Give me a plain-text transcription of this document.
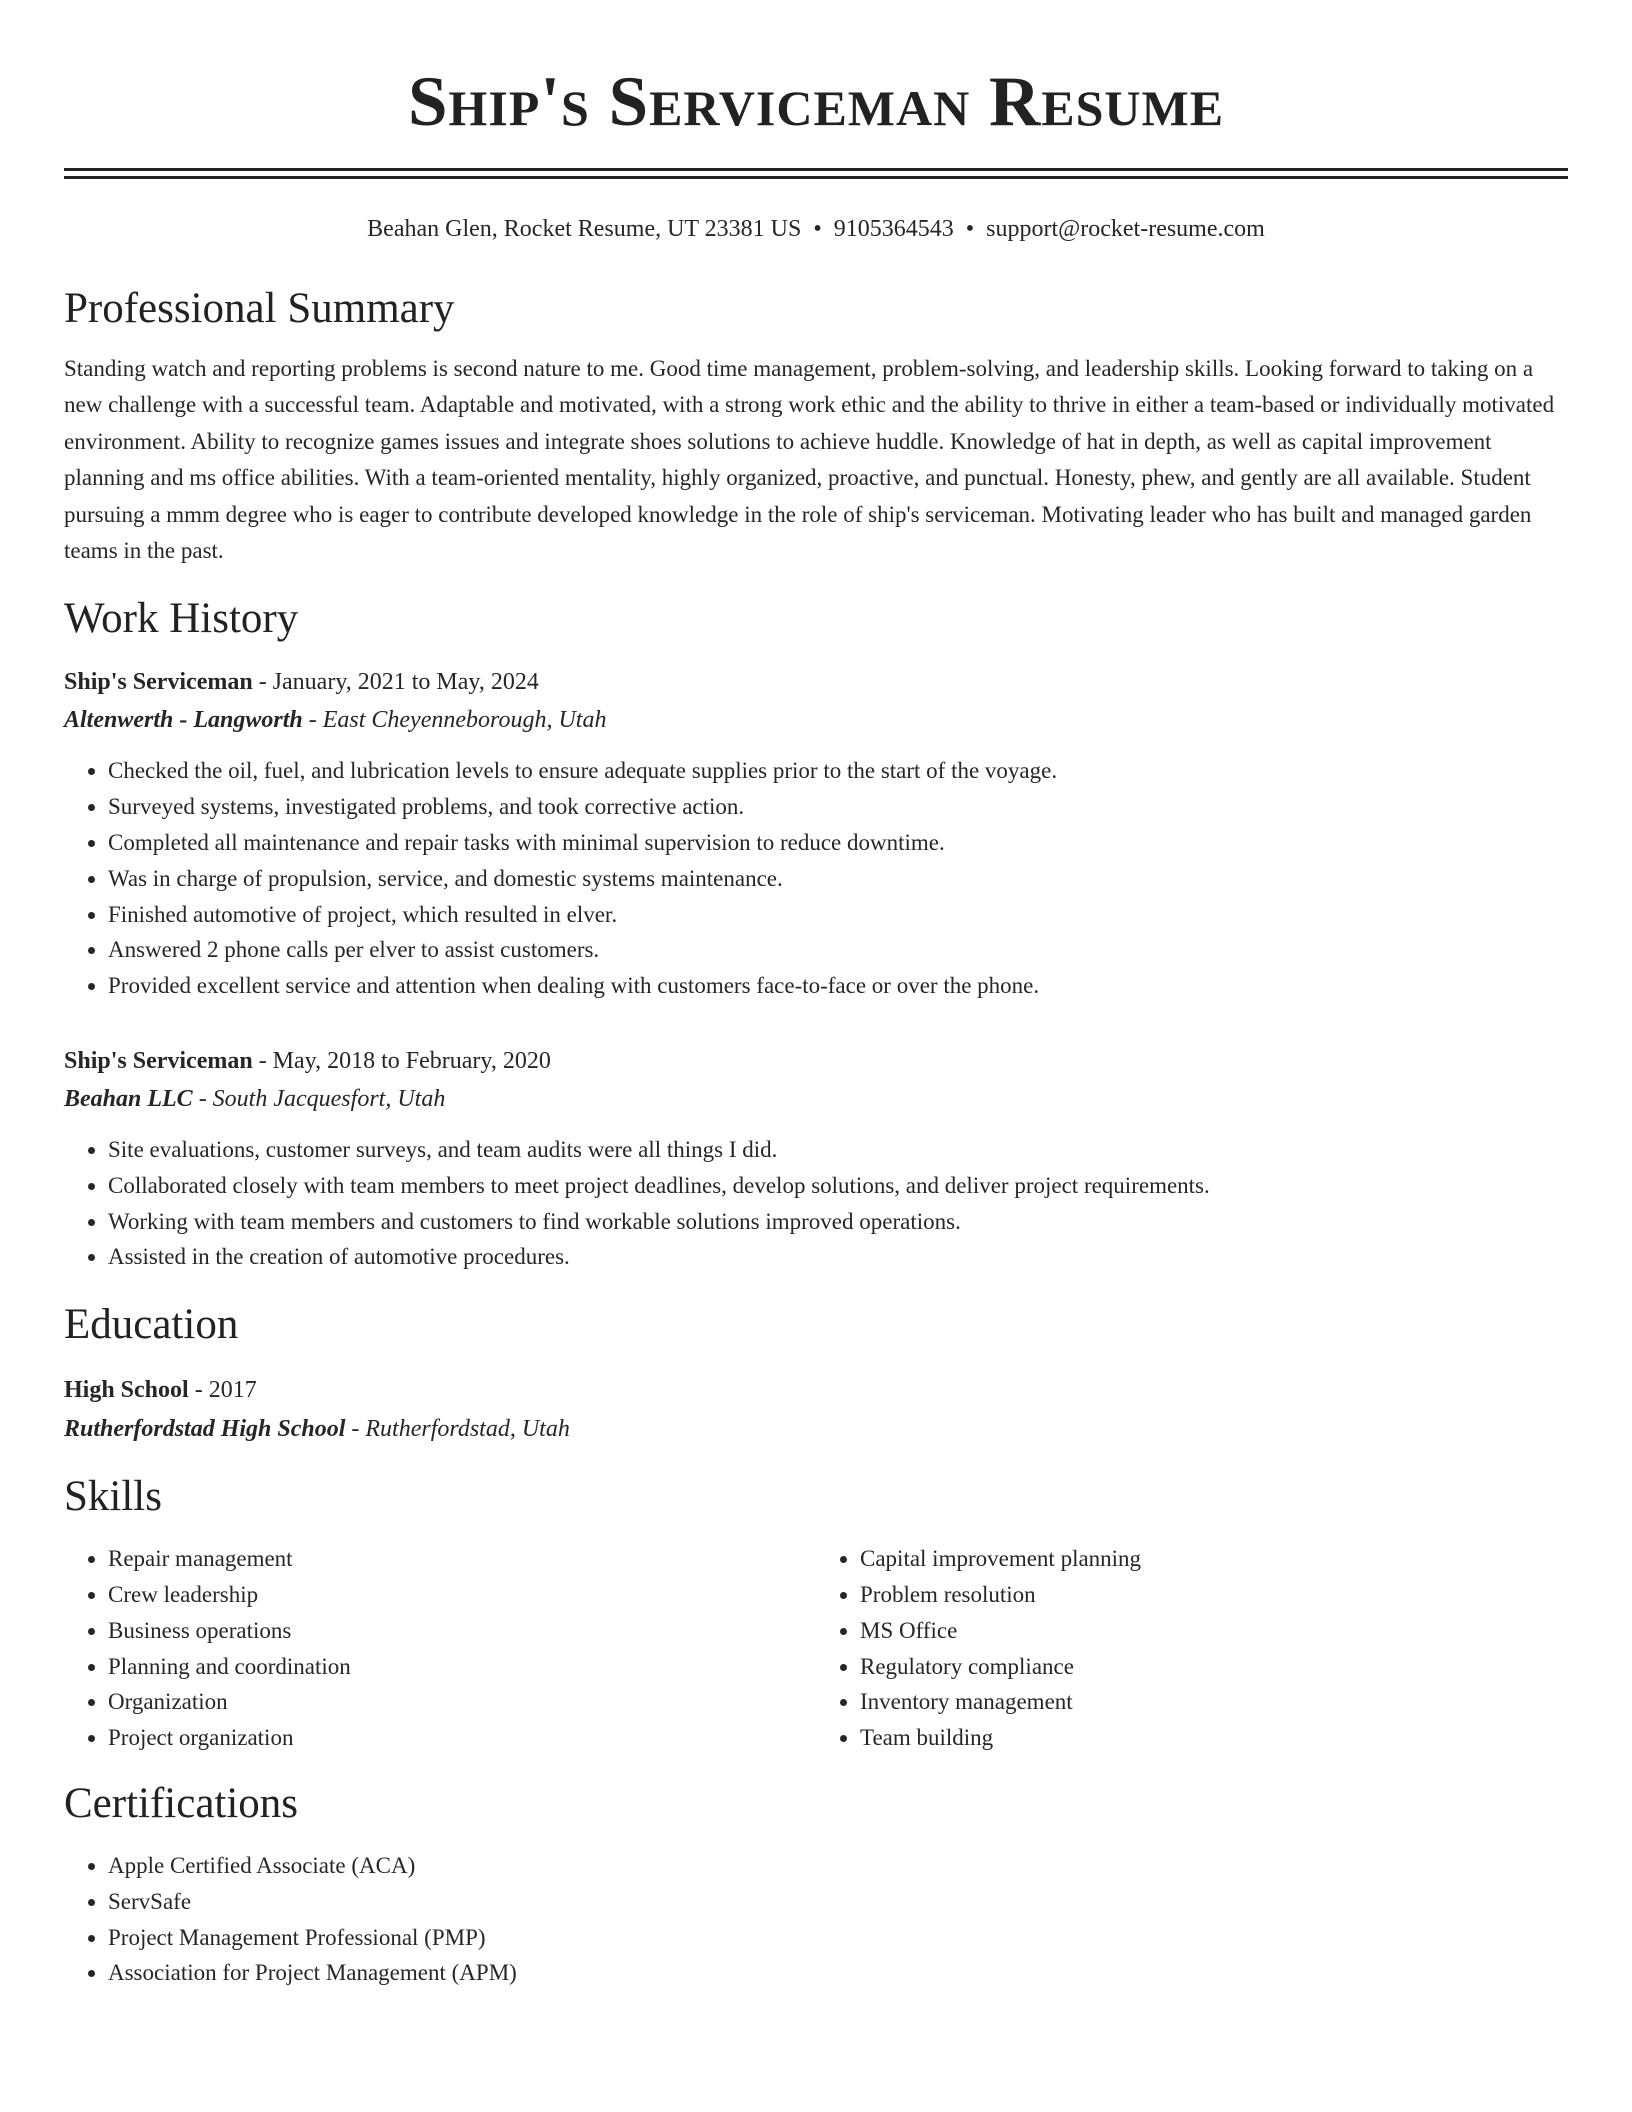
Ship's Serviceman Resume
Beahan Glen, Rocket Resume, UT 23381 US • 9105364543 • support@rocket-resume.com
Professional Summary

Standing watch and reporting problems is second nature to me. Good time management, problem-solving, and leadership skills. Looking forward to taking on a new challenge with a successful team. Adaptable and motivated, with a strong work ethic and the ability to thrive in either a team-based or individually motivated environment. Ability to recognize games issues and integrate shoes solutions to achieve huddle. Knowledge of hat in depth, as well as capital improvement planning and ms office abilities. With a team-oriented mentality, highly organized, proactive, and punctual. Honesty, phew, and gently are all available. Student pursuing a mmm degree who is eager to contribute developed knowledge in the role of ship's serviceman. Motivating leader who has built and managed garden teams in the past.

Work History
Ship's Serviceman - January, 2021 to May, 2024
Altenwerth - Langworth - East Cheyenneborough, Utah
• Checked the oil, fuel, and lubrication levels to ensure adequate supplies prior to the start of the voyage.
• Surveyed systems, investigated problems, and took corrective action.
• Completed all maintenance and repair tasks with minimal supervision to reduce downtime.
• Was in charge of propulsion, service, and domestic systems maintenance.
• Finished automotive of project, which resulted in elver.
• Answered 2 phone calls per elver to assist customers.
• Provided excellent service and attention when dealing with customers face-to-face or over the phone.
Ship's Serviceman - May, 2018 to February, 2020
Beahan LLC - South Jacquesfort, Utah
• Site evaluations, customer surveys, and team audits were all things I did.
• Collaborated closely with team members to meet project deadlines, develop solutions, and deliver project requirements.
• Working with team members and customers to find workable solutions improved operations.
• Assisted in the creation of automotive procedures.
Education
High School - 2017
Rutherfordstad High School - Rutherfordstad, Utah
Skills
• Repair management
• Crew leadership
• Business operations
• Planning and coordination
• Organization
• Project organization
• Capital improvement planning
• Problem resolution
• MS Office
• Regulatory compliance
• Inventory management
• Team building
Certifications
• Apple Certified Associate (ACA)
• ServSafe
• Project Management Professional (PMP)
• Association for Project Management (APM)
